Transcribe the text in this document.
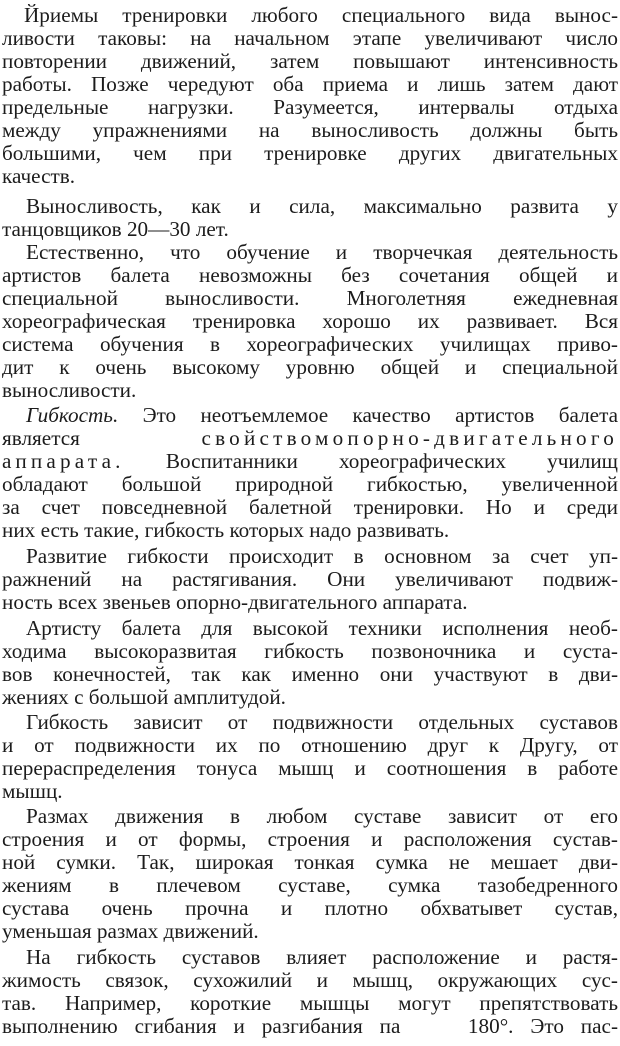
Йриемы тренировки любого специального вида вынос-
ливости таковы: на начальном этапе увеличивают число
повторении движений, затем повышают интенсивность
работы. Позже чередуют оба приема и лишь затем дают
предельные нагрузки. Разумеется, интервалы отдыха
между упражнениями на выносливость должны быть
большими, чем при тренировке других двигательных
качеств.
Выносливость, как и сила, максимально развита у
танцовщиков 20—30 лет.
Естественно, что обучение и творчечкая деятельность
артистов балета невозможны без сочетания общей и
специальной выносливости. Многолетняя ежедневная
хореографическая тренировка хорошо их развивает. Вся
система обучения в хореографических училищах приво-
дит к очень высокому уровню общей и специальной
выносливости.
Гибкость. Это неотъемлемое качество артистов балета
является свойствомопорно-двигательного
аппарата. Воспитанники хореографических училищ
обладают большой природной гибкостью, увеличенной
за счет повседневной балетной тренировки. Но и среди
них есть такие, гибкость которых надо развивать.
Развитие гибкости происходит в основном за счет уп-
ражнений на растягивания. Они увеличивают подвиж-
ность всех звеньев опорно-двигательного аппарата.
Артисту балета для высокой техники исполнения необ-
ходима высокоразвитая гибкость позвоночника и суста-
вов конечностей, так как именно они участвуют в дви-
жениях с большой амплитудой.
Гибкость зависит от подвижности отдельных суставов
и от подвижности их по отношению друг к Другу, от
перераспределения тонуса мышц и соотношения в работе
мышц.
Размах движения в любом суставе зависит от его
строения и от формы, строения и расположения сустав-
ной сумки. Так, широкая тонкая сумка не мешает дви-
жениям в плечевом суставе, сумка тазобедренного
сустава очень прочна и плотно обхватывет сустав,
уменьшая размах движений.
На гибкость суставов влияет расположение и растя-
жимость связок, сухожилий и мышц, окружающих сус-
тав. Например, короткие мышцы могут препятствовать
выполнению сгибания и разгибания па    180°. Это пас-
